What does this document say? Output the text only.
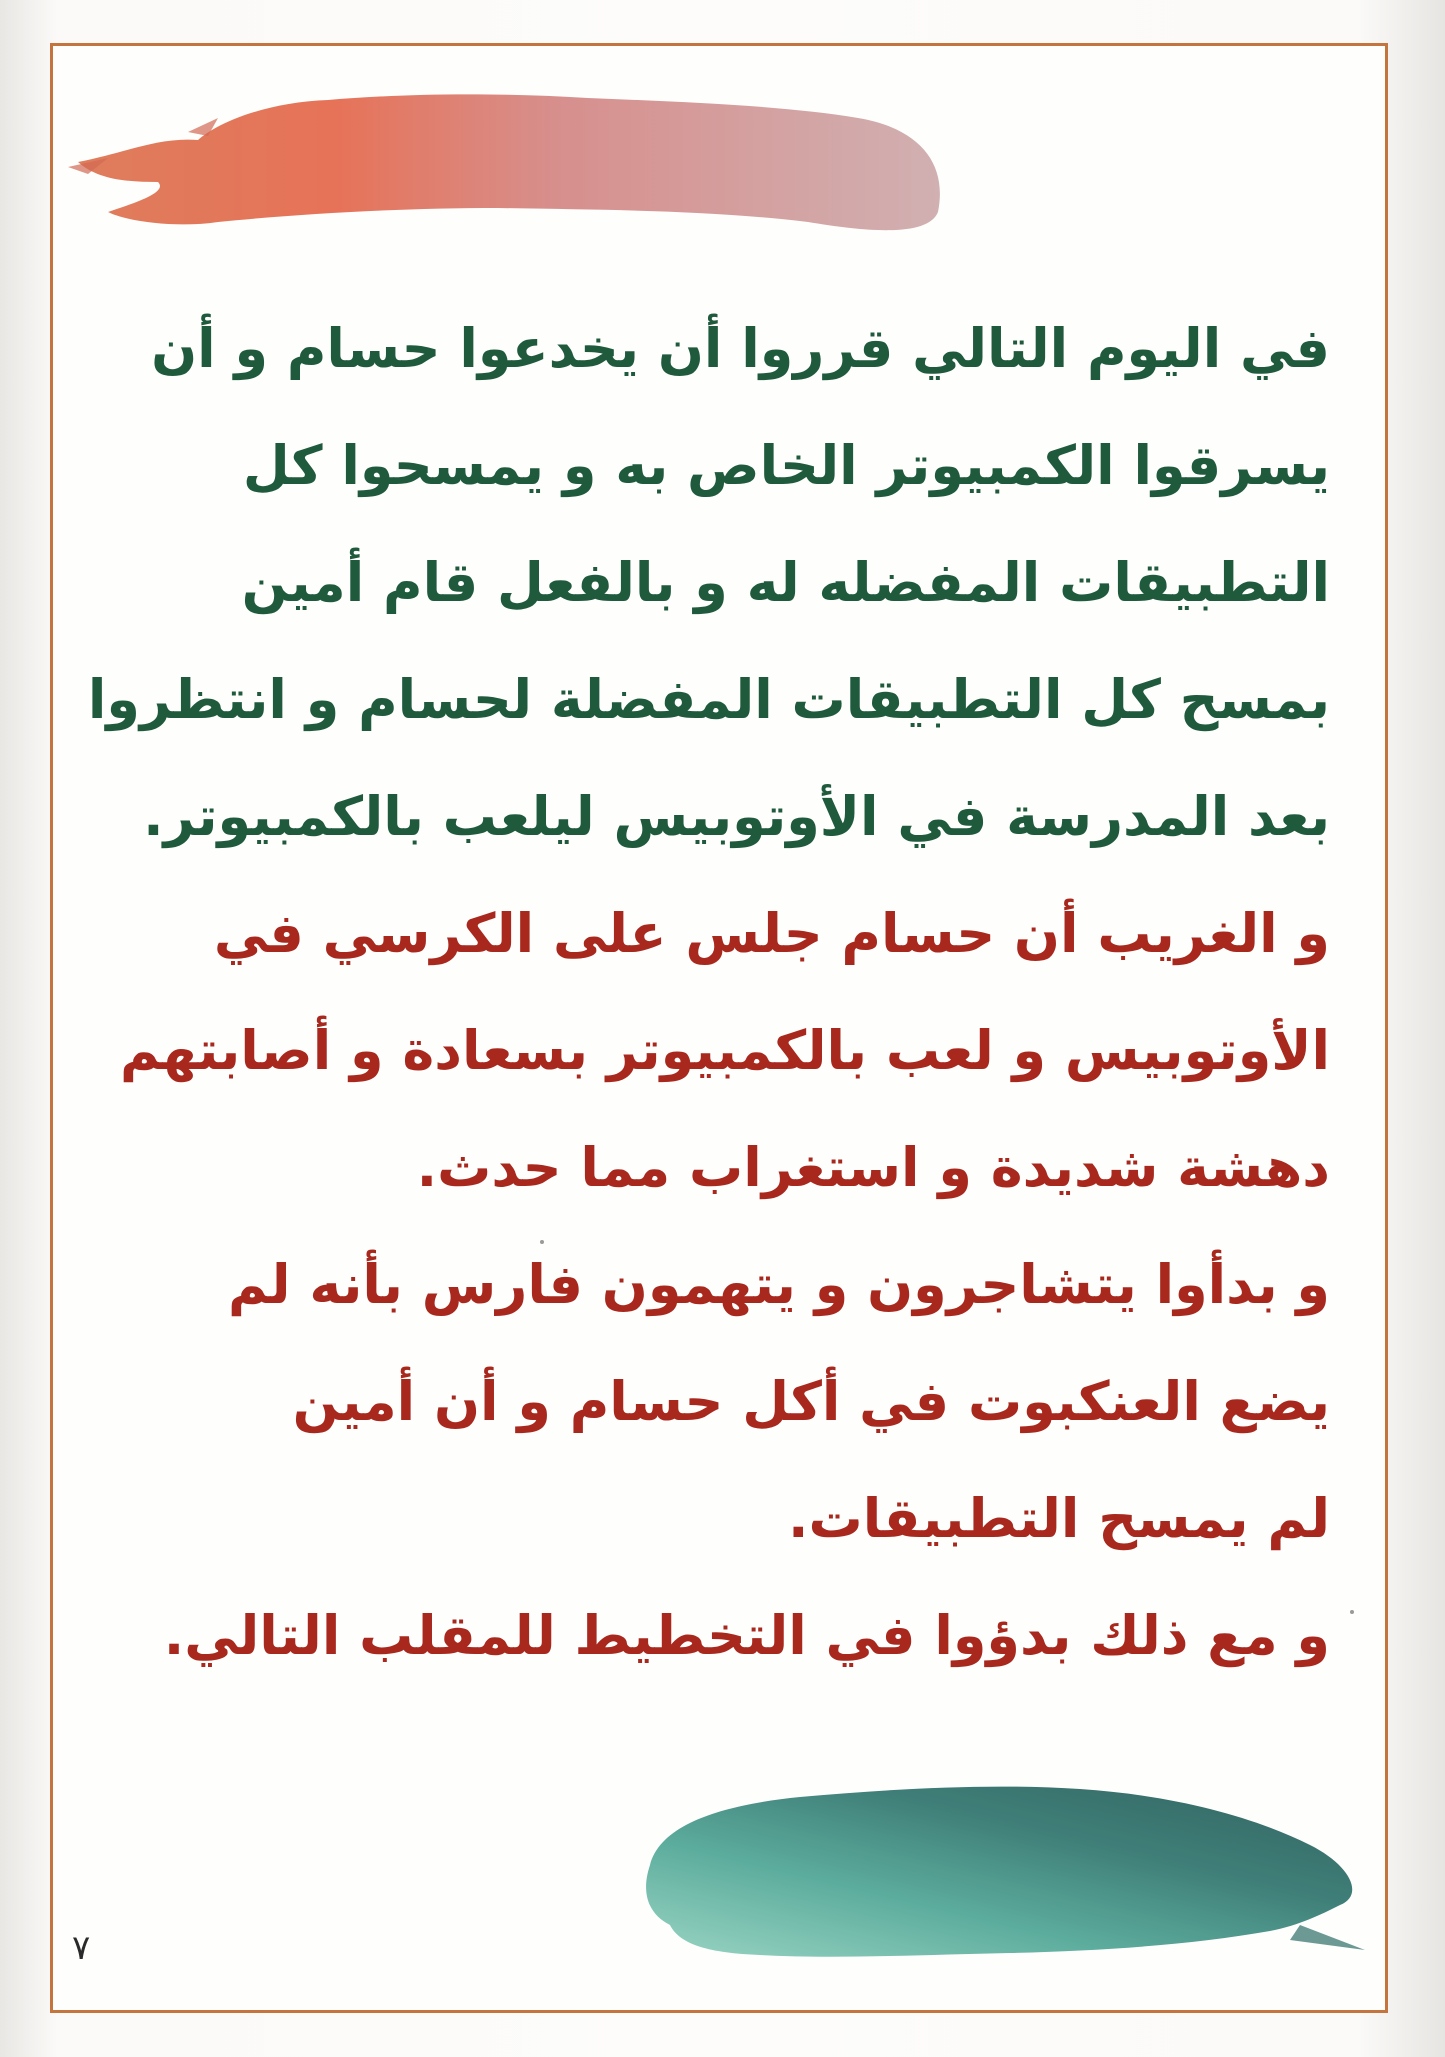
في اليوم التالي قرروا أن يخدعوا حسام و أن
يسرقوا الكمبيوتر الخاص به و يمسحوا كل
التطبيقات المفضله له و بالفعل قام أمين
بمسح كل التطبيقات المفضلة لحسام و انتظروا
بعد المدرسة في الأوتوبيس ليلعب بالكمبيوتر.
و الغريب أن حسام جلس على الكرسي في
الأوتوبيس و لعب بالكمبيوتر بسعادة و أصابتهم
دهشة شديدة و استغراب مما حدث.
و بدأوا يتشاجرون و يتهمون فارس بأنه لم
يضع العنكبوت في أكل حسام و أن أمين
لم يمسح التطبيقات.
و مع ذلك بدؤوا في التخطيط للمقلب التالي.
٧
